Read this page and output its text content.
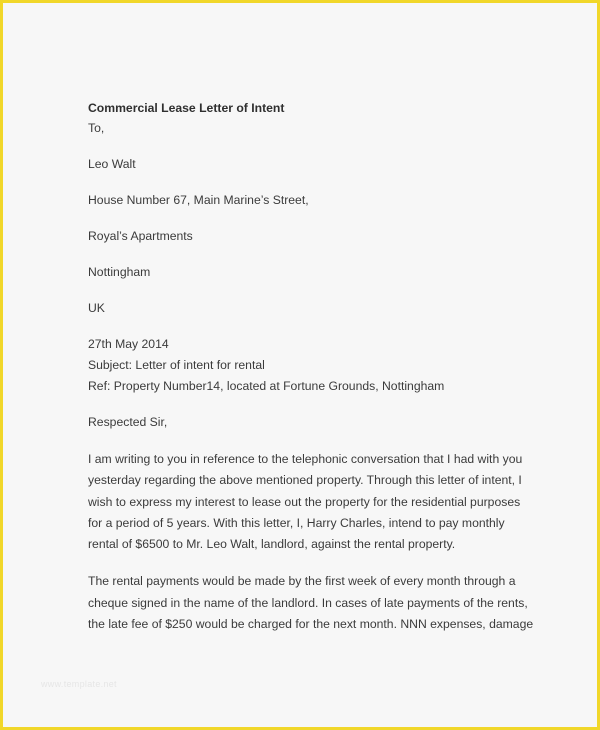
Commercial Lease Letter of Intent

To,

Leo Walt

House Number 67, Main Marine’s Street,

Royal’s Apartments

Nottingham

UK

27th May 2014

Subject: Letter of intent for rental

Ref: Property Number14, located at Fortune Grounds, Nottingham

Respected Sir,

I am writing to you in reference to the telephonic conversation that I had with you
yesterday regarding the above mentioned property. Through this letter of intent, I
wish to express my interest to lease out the property for the residential purposes
for a period of 5 years. With this letter, I, Harry Charles, intend to pay monthly
rental of $6500 to Mr. Leo Walt, landlord, against the rental property.

The rental payments would be made by the first week of every month through a
cheque signed in the name of the landlord. In cases of late payments of the rents,
the late fee of $250 would be charged for the next month. NNN expenses, damage

www.template.net
